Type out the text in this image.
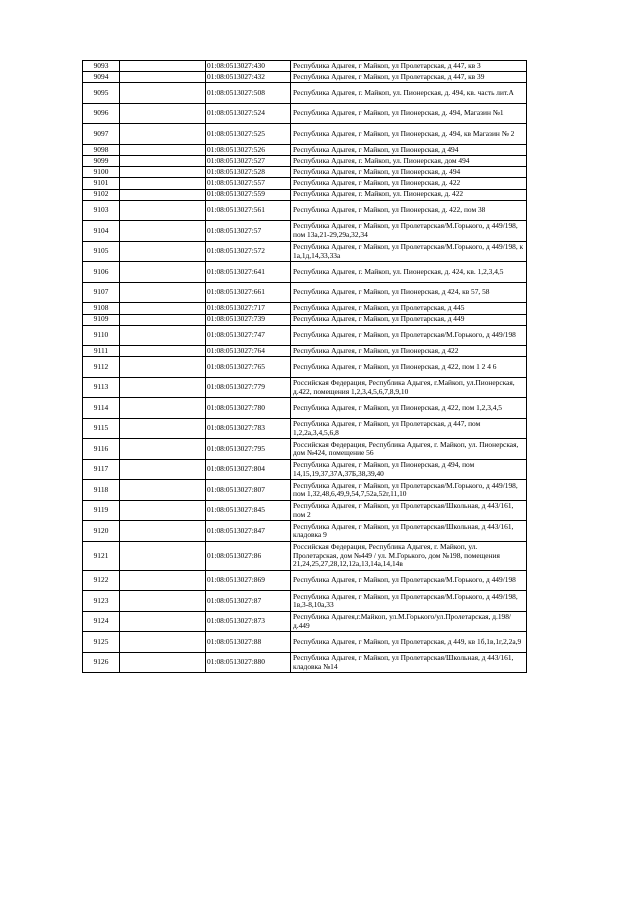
9093		01:08:0513027:430	Республика Адыгея, г Майкоп, ул Пролетарская, д 447, кв 3
9094		01:08:0513027:432	Республика Адыгея, г Майкоп, ул Пролетарская, д 447, кв 39
9095		01:08:0513027:508	Республика Адыгея, г. Майкоп, ул. Пионерская, д. 494, кв. часть лит.А
9096		01:08:0513027:524	Республика Адыгея, г Майкоп, ул Пионерская, д. 494, Магазин №1
9097		01:08:0513027:525	Республика Адыгея, г Майкоп, ул Пионерская, д. 494, кв Магазин № 2
9098		01:08:0513027:526	Республика Адыгея, г Майкоп, ул Пионерская, д 494
9099		01:08:0513027:527	Республика Адыгея, г. Майкоп, ул. Пионерская, дом 494
9100		01:08:0513027:528	Республика Адыгея, г Майкоп, ул Пионерская, д. 494
9101		01:08:0513027:557	Республика Адыгея, г Майкоп, ул Пионерская, д. 422
9102		01:08:0513027:559	Республика Адыгея, г. Майкоп, ул. Пионерская, д. 422
9103		01:08:0513027:561	Республика Адыгея, г Майкоп, ул Пионерская, д. 422, пом 38
9104		01:08:0513027:57	Республика Адыгея, г Майкоп, ул Пролетарская/М.Горького, д 449/198, пом 13а,21-29,29а,32,34
9105		01:08:0513027:572	Республика Адыгея, г Майкоп, ул Пролетарская/М.Горького, д 449/198, к 1а,1д,14,33,33а
9106		01:08:0513027:641	Республика Адыгея, г. Майкоп, ул. Пионерская, д. 424, кв. 1,2,3,4,5
9107		01:08:0513027:661	Республика Адыгея, г Майкоп, ул Пионерская, д 424, кв 57, 58
9108		01:08:0513027:717	Республика Адыгея, г Майкоп, ул Пролетарская, д 445
9109		01:08:0513027:739	Республика Адыгея, г Майкоп, ул Пролетарская, д 449
9110		01:08:0513027:747	Республика Адыгея, г Майкоп, ул Пролетарская/М.Горького, д 449/198
9111		01:08:0513027:764	Республика Адыгея, г Майкоп, ул Пионерская, д 422
9112		01:08:0513027:765	Республика Адыгея, г Майкоп, ул Пионерская, д 422, пом 1 2 4 6
9113		01:08:0513027:779	Российская Федерация, Республика Адыгея, г.Майкоп, ул.Пионерская, д.422, помещения 1,2,3,4,5,6,7,8,9,10
9114		01:08:0513027:780	Республика Адыгея, г Майкоп, ул Пионерская, д 422, пом 1,2,3,4,5
9115		01:08:0513027:783	Республика Адыгея, г Майкоп, ул Пролетарская, д 447, пом 1,2,2а,3,4,5,6,8
9116		01:08:0513027:795	Российская Федерация, Республика Адыгея, г. Майкоп, ул. Пионерская, дом №424, помещение 56
9117		01:08:0513027:804	Республика Адыгея, г Майкоп, ул Пионерская, д 494, пом 14,15,19,37,37А,37Б,38,39,40
9118		01:08:0513027:807	Республика Адыгея, г Майкоп, ул Пролетарская/М.Горького, д 449/198, пом 1,32,48,6,49,9,54,7,52а,52г,11,10
9119		01:08:0513027:845	Республика Адыгея, г Майкоп, ул Пролетарская/Школьная, д 443/161, пом 2
9120		01:08:0513027:847	Республика Адыгея, г Майкоп, ул Пролетарская/Школьная, д 443/161, кладовка 9
9121		01:08:0513027:86	Российская Федерация, Республика Адыгея, г. Майкоп, ул. Пролетарская, дом №449 / ул. М.Горького, дом №198, помещения 21,24,25,27,28,12,12а,13,14а,14,14в
9122		01:08:0513027:869	Республика Адыгея, г Майкоп, ул Пролетарская/М.Горького, д 449/198
9123		01:08:0513027:87	Республика Адыгея, г Майкоп, ул Пролетарская/М.Горького, д 449/198, 1в,3-8,10а,33
9124		01:08:0513027:873	Республика Адыгея,г.Майкоп, ул.М.Горького/ул.Пролетарская, д.198/д.449
9125		01:08:0513027:88	Республика Адыгея, г Майкоп, ул Пролетарская, д 449, кв 1б,1в,1г,2,2а,9
9126		01:08:0513027:880	Республика Адыгея, г Майкоп, ул Пролетарская/Школьная, д 443/161, кладовка №14
